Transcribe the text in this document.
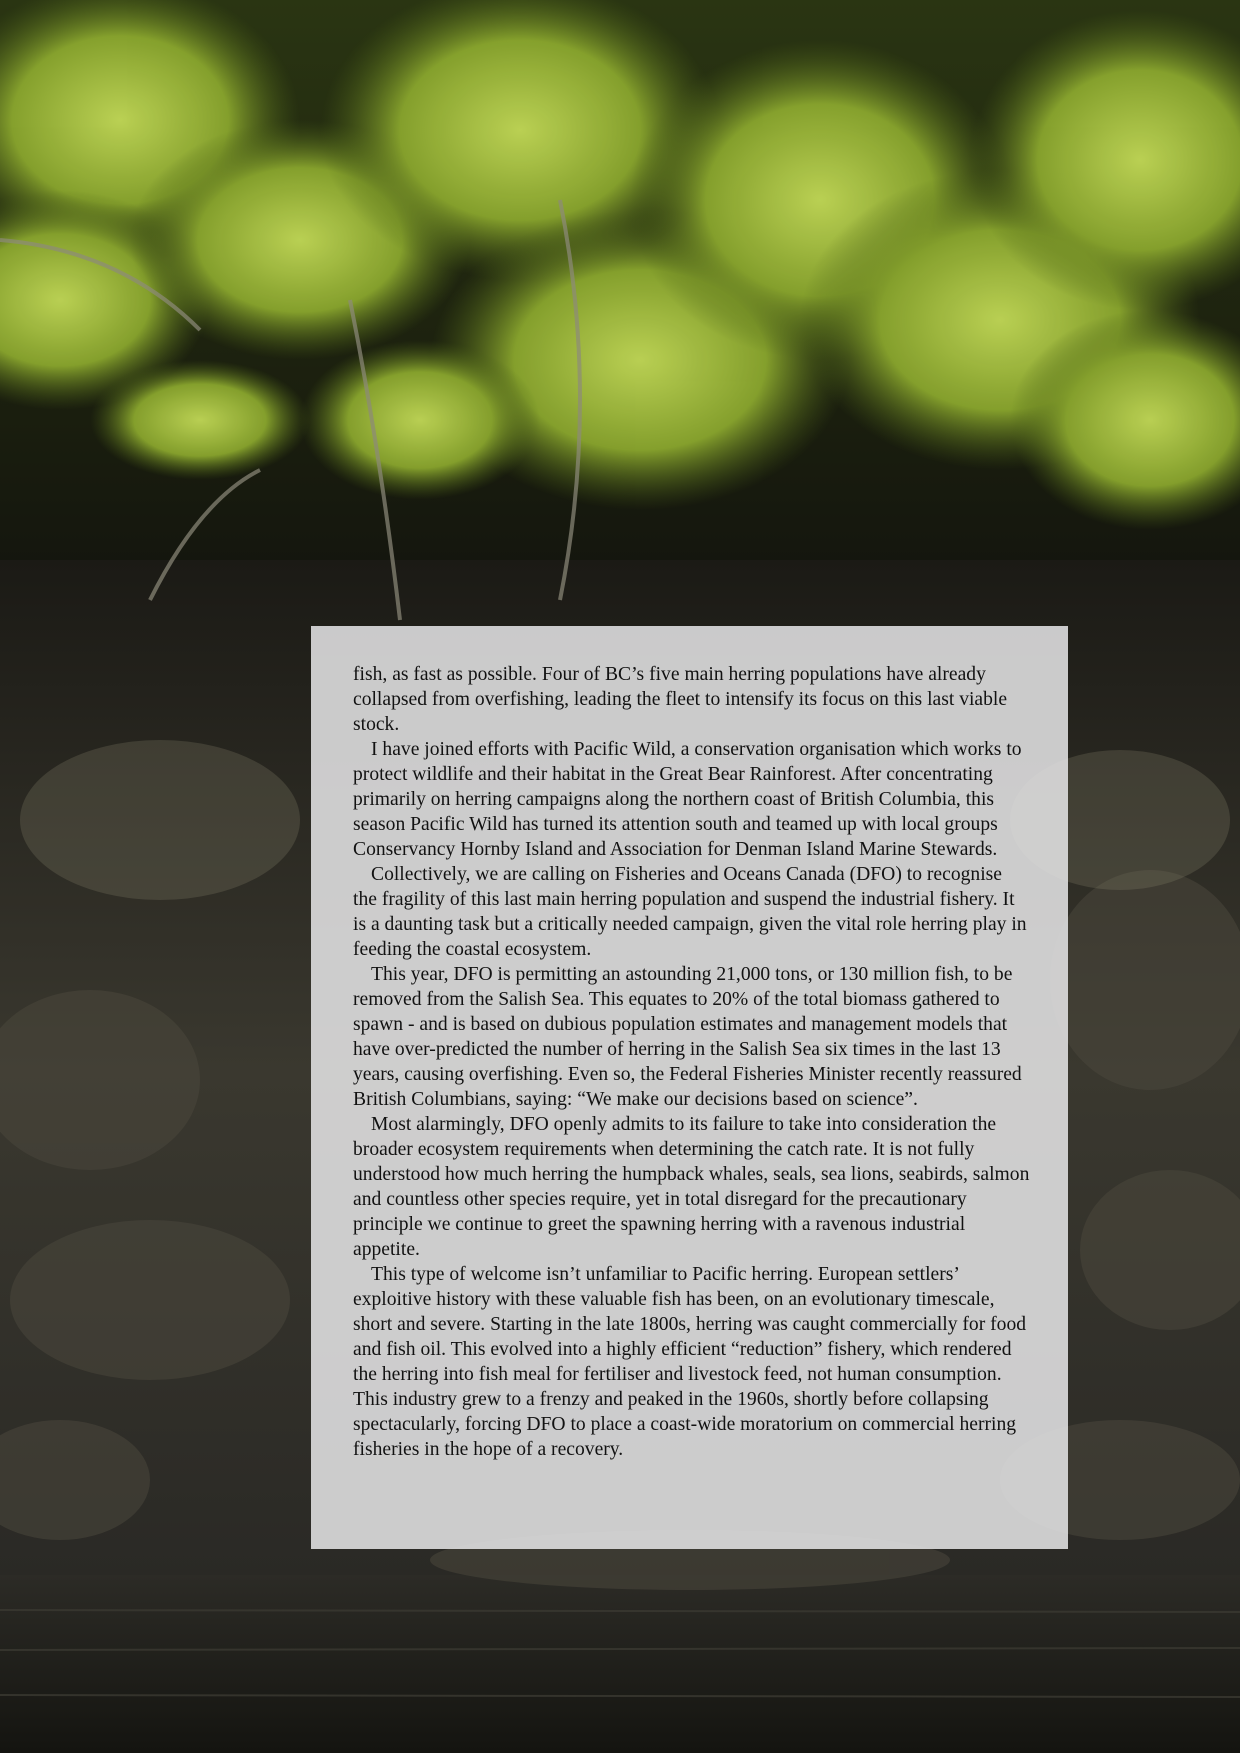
fish, as fast as possible. Four of BC’s five main herring populations have already collapsed from overfishing, leading the fleet to intensify its focus on this last viable stock.

I have joined efforts with Pacific Wild, a conservation organisation which works to protect wildlife and their habitat in the Great Bear Rainforest. After concentrating primarily on herring campaigns along the northern coast of British Columbia, this season Pacific Wild has turned its attention south and teamed up with local groups Conservancy Hornby Island and Association for Denman Island Marine Stewards.

Collectively, we are calling on Fisheries and Oceans Canada (DFO) to recognise the fragility of this last main herring population and suspend the industrial fishery. It is a daunting task but a critically needed campaign, given the vital role herring play in feeding the coastal ecosystem.

This year, DFO is permitting an astounding 21,000 tons, or 130 million fish, to be removed from the Salish Sea. This equates to 20% of the total biomass gathered to spawn - and is based on dubious population estimates and management models that have over-predicted the number of herring in the Salish Sea six times in the last 13 years, causing overfishing. Even so, the Federal Fisheries Minister recently reassured British Columbians, saying: “We make our decisions based on science”.

Most alarmingly, DFO openly admits to its failure to take into consideration the broader ecosystem requirements when determining the catch rate. It is not fully understood how much herring the humpback whales, seals, sea lions, seabirds, salmon and countless other species require, yet in total disregard for the precautionary principle we continue to greet the spawning herring with a ravenous industrial appetite.

This type of welcome isn’t unfamiliar to Pacific herring. European settlers’ exploitive history with these valuable fish has been, on an evolutionary timescale, short and severe. Starting in the late 1800s, herring was caught commercially for food and fish oil. This evolved into a highly efficient “reduction” fishery, which rendered the herring into fish meal for fertiliser and livestock feed, not human consumption. This industry grew to a frenzy and peaked in the 1960s, shortly before collapsing spectacularly, forcing DFO to place a coast-wide moratorium on commercial herring fisheries in the hope of a recovery.
